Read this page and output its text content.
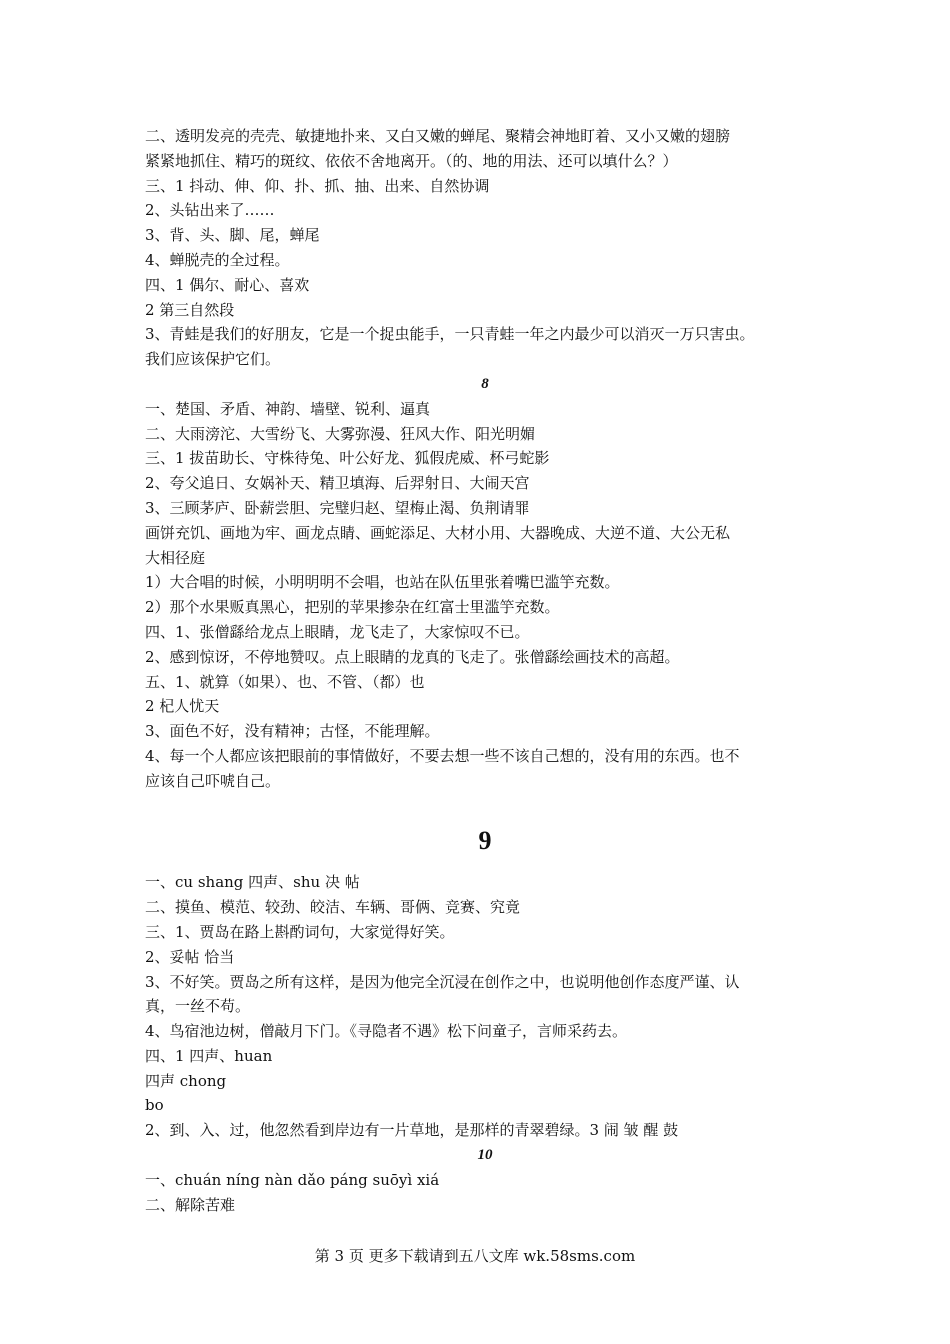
二、透明发亮的壳壳、敏捷地扑来、又白又嫩的蝉尾、聚精会神地盯着、又小又嫩的翅膀
紧紧地抓住、精巧的斑纹、依依不舍地离开。（的、地的用法、还可以填什么？）
三、1 抖动、伸、仰、扑、抓、抽、出来、自然协调
2、头钻出来了……
3、背、头、脚、尾，蝉尾
4、蝉脱壳的全过程。
四、1 偶尔、耐心、喜欢
2 第三自然段
3、青蛙是我们的好朋友，它是一个捉虫能手，一只青蛙一年之内最少可以消灭一万只害虫。
我们应该保护它们。
8
一、楚国、矛盾、神韵、墙壁、锐利、逼真
二、大雨滂沱、大雪纷飞、大雾弥漫、狂风大作、阳光明媚
三、1 拔苗助长、守株待兔、叶公好龙、狐假虎威、杯弓蛇影
2、夸父追日、女娲补天、精卫填海、后羿射日、大闹天宫
3、三顾茅庐、卧薪尝胆、完璧归赵、望梅止渴、负荆请罪
画饼充饥、画地为牢、画龙点睛、画蛇添足、大材小用、大器晚成、大逆不道、大公无私
大相径庭
1）大合唱的时候，小明明明不会唱，也站在队伍里张着嘴巴滥竽充数。
2）那个水果贩真黑心，把别的苹果掺杂在红富士里滥竽充数。
四、1、张僧繇给龙点上眼睛，龙飞走了，大家惊叹不已。
2、感到惊讶，不停地赞叹。点上眼睛的龙真的飞走了。张僧繇绘画技术的高超。
五、1、就算（如果）、也、不管、（都）也
2 杞人忧天
3、面色不好，没有精神；古怪，不能理解。
4、每一个人都应该把眼前的事情做好，不要去想一些不该自己想的，没有用的东西。也不
应该自己吓唬自己。
9
一、cu shang 四声、shu 决 帖
二、摸鱼、模范、较劲、皎洁、车辆、哥俩、竞赛、究竟
三、1、贾岛在路上斟酌词句，大家觉得好笑。
2、妥帖 恰当
3、不好笑。贾岛之所有这样，是因为他完全沉浸在创作之中，也说明他创作态度严谨、认
真，一丝不苟。
4、鸟宿池边树，僧敲月下门。《寻隐者不遇》松下问童子，言师采药去。
四、1 四声、huan
四声 chong
bo
2、到、入、过，他忽然看到岸边有一片草地，是那样的青翠碧绿。3 闹 皱 醒 鼓
10
一、chuán níng nàn dǎo páng suōyì xiá
二、解除苦难
第 3 页 更多下载请到五八文库 wk.58sms.com
